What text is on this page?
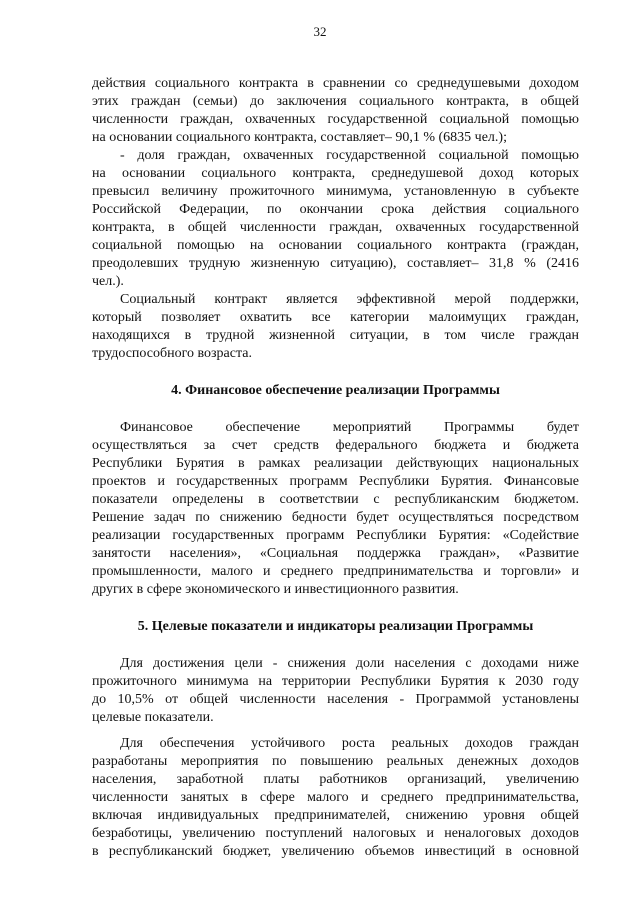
32
действия социального контракта в сравнении со среднедушевыми доходом
этих граждан (семьи) до заключения социального контракта, в общей
численности граждан, охваченных государственной социальной помощью
на основании социального контракта, составляет– 90,1 % (6835 чел.);
- доля граждан, охваченных государственной социальной помощью
на основании социального контракта, среднедушевой доход которых
превысил величину прожиточного минимума, установленную в субъекте
Российской Федерации, по окончании срока действия социального
контракта, в общей численности граждан, охваченных государственной
социальной помощью на основании социального контракта (граждан,
преодолевших трудную жизненную ситуацию), составляет– 31,8 % (2416
чел.).
Социальный контракт является эффективной мерой поддержки,
который позволяет охватить все категории малоимущих граждан,
находящихся в трудной жизненной ситуации, в том числе граждан
трудоспособного возраста.
4. Финансовое обеспечение реализации Программы
Финансовое обеспечение мероприятий Программы будет
осуществляться за счет средств федерального бюджета и бюджета
Республики Бурятия в рамках реализации действующих национальных
проектов и государственных программ Республики Бурятия. Финансовые
показатели определены в соответствии с республиканским бюджетом.
Решение задач по снижению бедности будет осуществляться посредством
реализации государственных программ Республики Бурятия: «Содействие
занятости населения», «Социальная поддержка граждан», «Развитие
промышленности, малого и среднего предпринимательства и торговли» и
других в сфере экономического и инвестиционного развития.
5. Целевые показатели и индикаторы реализации Программы
Для достижения цели - снижения доли населения с доходами ниже
прожиточного минимума на территории Республики Бурятия к 2030 году
до 10,5% от общей численности населения - Программой установлены
целевые показатели.
Для обеспечения устойчивого роста реальных доходов граждан
разработаны мероприятия по повышению реальных денежных доходов
населения, заработной платы работников организаций, увеличению
численности занятых в сфере малого и среднего предпринимательства,
включая индивидуальных предпринимателей, снижению уровня общей
безработицы, увеличению поступлений налоговых и неналоговых доходов
в республиканский бюджет, увеличению объемов инвестиций в основной
